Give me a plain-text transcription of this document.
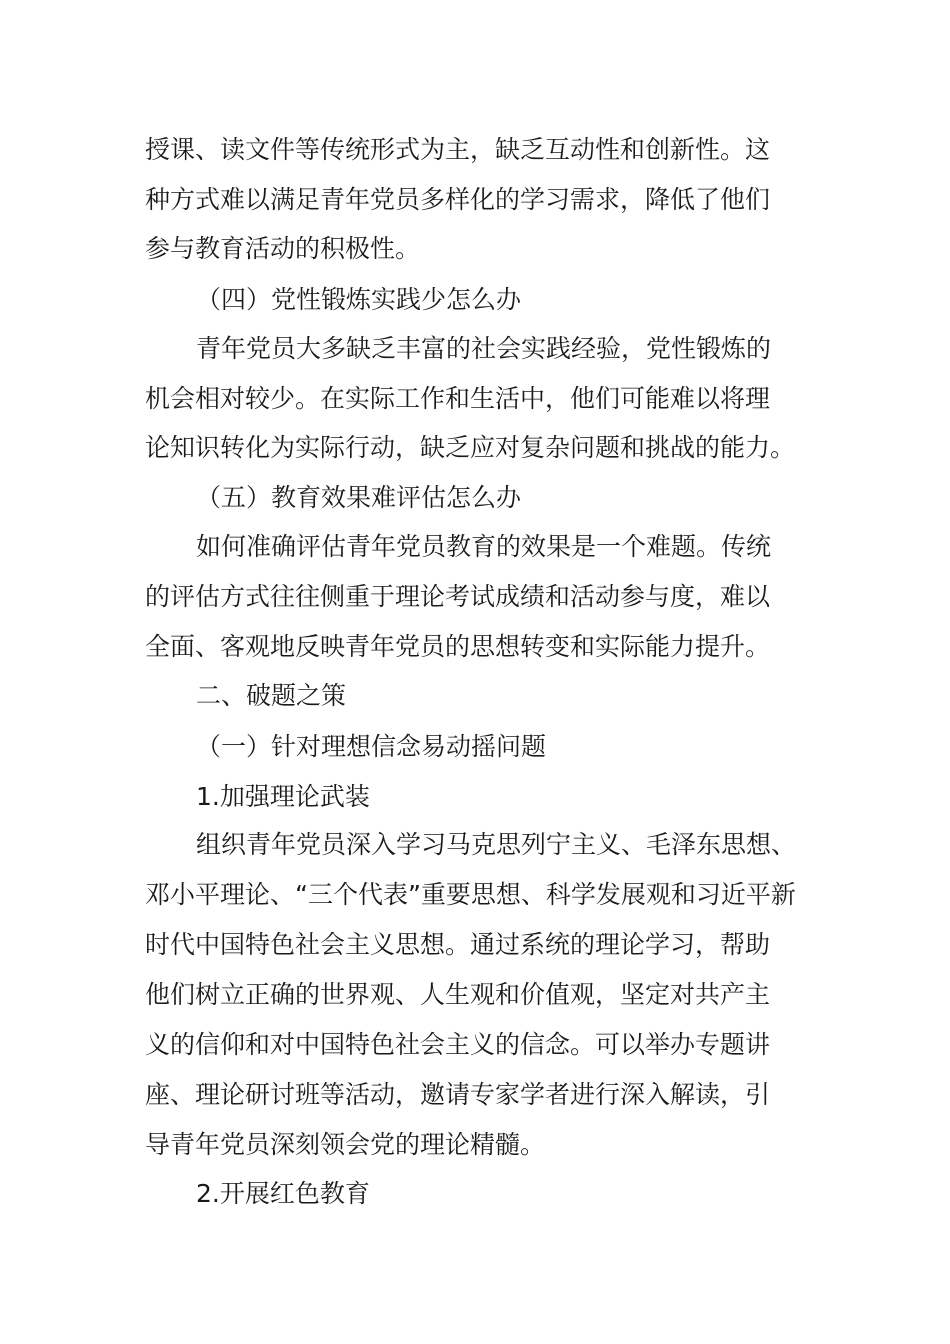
授课、读文件等传统形式为主，缺乏互动性和创新性。这
种方式难以满足青年党员多样化的学习需求，降低了他们
参与教育活动的积极性。
（四）党性锻炼实践少怎么办
青年党员大多缺乏丰富的社会实践经验，党性锻炼的
机会相对较少。在实际工作和生活中，他们可能难以将理
论知识转化为实际行动，缺乏应对复杂问题和挑战的能力。
（五）教育效果难评估怎么办
如何准确评估青年党员教育的效果是一个难题。传统
的评估方式往往侧重于理论考试成绩和活动参与度，难以
全面、客观地反映青年党员的思想转变和实际能力提升。
二、破题之策
（一）针对理想信念易动摇问题
1.加强理论武装
组织青年党员深入学习马克思列宁主义、毛泽东思想、
邓小平理论、“三个代表”重要思想、科学发展观和习近平新
时代中国特色社会主义思想。通过系统的理论学习，帮助
他们树立正确的世界观、人生观和价值观，坚定对共产主
义的信仰和对中国特色社会主义的信念。可以举办专题讲
座、理论研讨班等活动，邀请专家学者进行深入解读，引
导青年党员深刻领会党的理论精髓。
2.开展红色教育
